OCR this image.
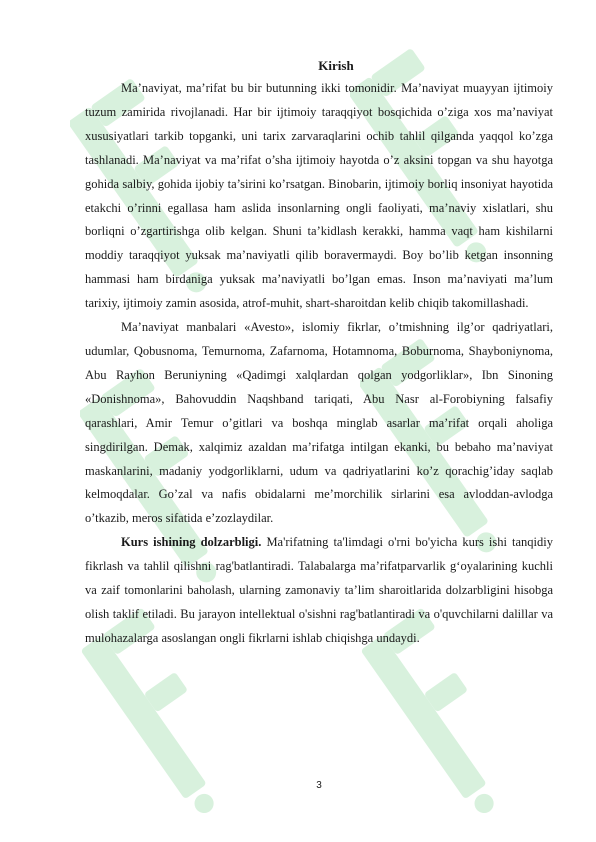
Kirish

Ma’naviyat, ma’rifat bu bir butunning ikki tomonidir. Ma’naviyat muayyan ijtimoiy tuzum zamirida rivojlanadi. Har bir ijtimoiy taraqqiyot bosqichida o’ziga xos ma’naviyat xususiyatlari tarkib topganki, uni tarix zarvaraqlarini ochib tahlil qilganda yaqqol ko’zga tashlanadi. Ma’naviyat va ma’rifat o’sha ijtimoiy hayotda o’z aksini topgan va shu hayotga gohida salbiy, gohida ijobiy ta’sirini ko’rsatgan. Binobarin, ijtimoiy borliq insoniyat hayotida etakchi o’rinni egallasa ham aslida insonlarning ongli faoliyati, ma’naviy xislatlari, shu borliqni o’zgartirishga olib kelgan. Shuni ta’kidlash kerakki, hamma vaqt ham kishilarni moddiy taraqqiyot yuksak ma’naviyatli qilib boravermaydi. Boy bo’lib ketgan insonning hammasi ham birdaniga yuksak ma’naviyatli bo’lgan emas. Inson ma’naviyati ma’lum tarixiy, ijtimoiy zamin asosida, atrof-muhit, shart-sharoitdan kelib chiqib takomillashadi.

Ma’naviyat manbalari «Avesto», islomiy fikrlar, o’tmishning ilg’or qadriyatlari, udumlar, Qobusnoma, Temurnoma, Zafarnoma, Hotamnoma, Boburnoma, Shayboniynoma, Abu Rayhon Beruniyning «Qadimgi xalqlardan qolgan yodgorliklar», Ibn Sinoning «Donishnoma», Bahovuddin Naqshband tariqati, Abu Nasr al-Forobiyning falsafiy qarashlari, Amir Temur o’gitlari va boshqa minglab asarlar ma’rifat orqali aholiga singdirilgan. Demak, xalqimiz azaldan ma’rifatga intilgan ekanki, bu bebaho ma’naviyat maskanlarini, madaniy yodgorliklarni, udum va qadriyatlarini ko’z qorachig’iday saqlab kelmoqdalar. Go’zal va nafis obidalarni me’morchilik sirlarini esa avloddan-avlodga o’tkazib, meros sifatida e’zozlaydilar.

Kurs ishining dolzarbligi. Ma'rifatning ta'limdagi o'rni bo'yicha kurs ishi tanqidiy fikrlash va tahlil qilishni rag'batlantiradi. Talabalarga ma’rifatparvarlik g‘oyalarining kuchli va zaif tomonlarini baholash, ularning zamonaviy ta’lim sharoitlarida dolzarbligini hisobga olish taklif etiladi. Bu jarayon intellektual o'sishni rag'batlantiradi va o'quvchilarni dalillar va mulohazalarga asoslangan ongli fikrlarni ishlab chiqishga undaydi.

3
